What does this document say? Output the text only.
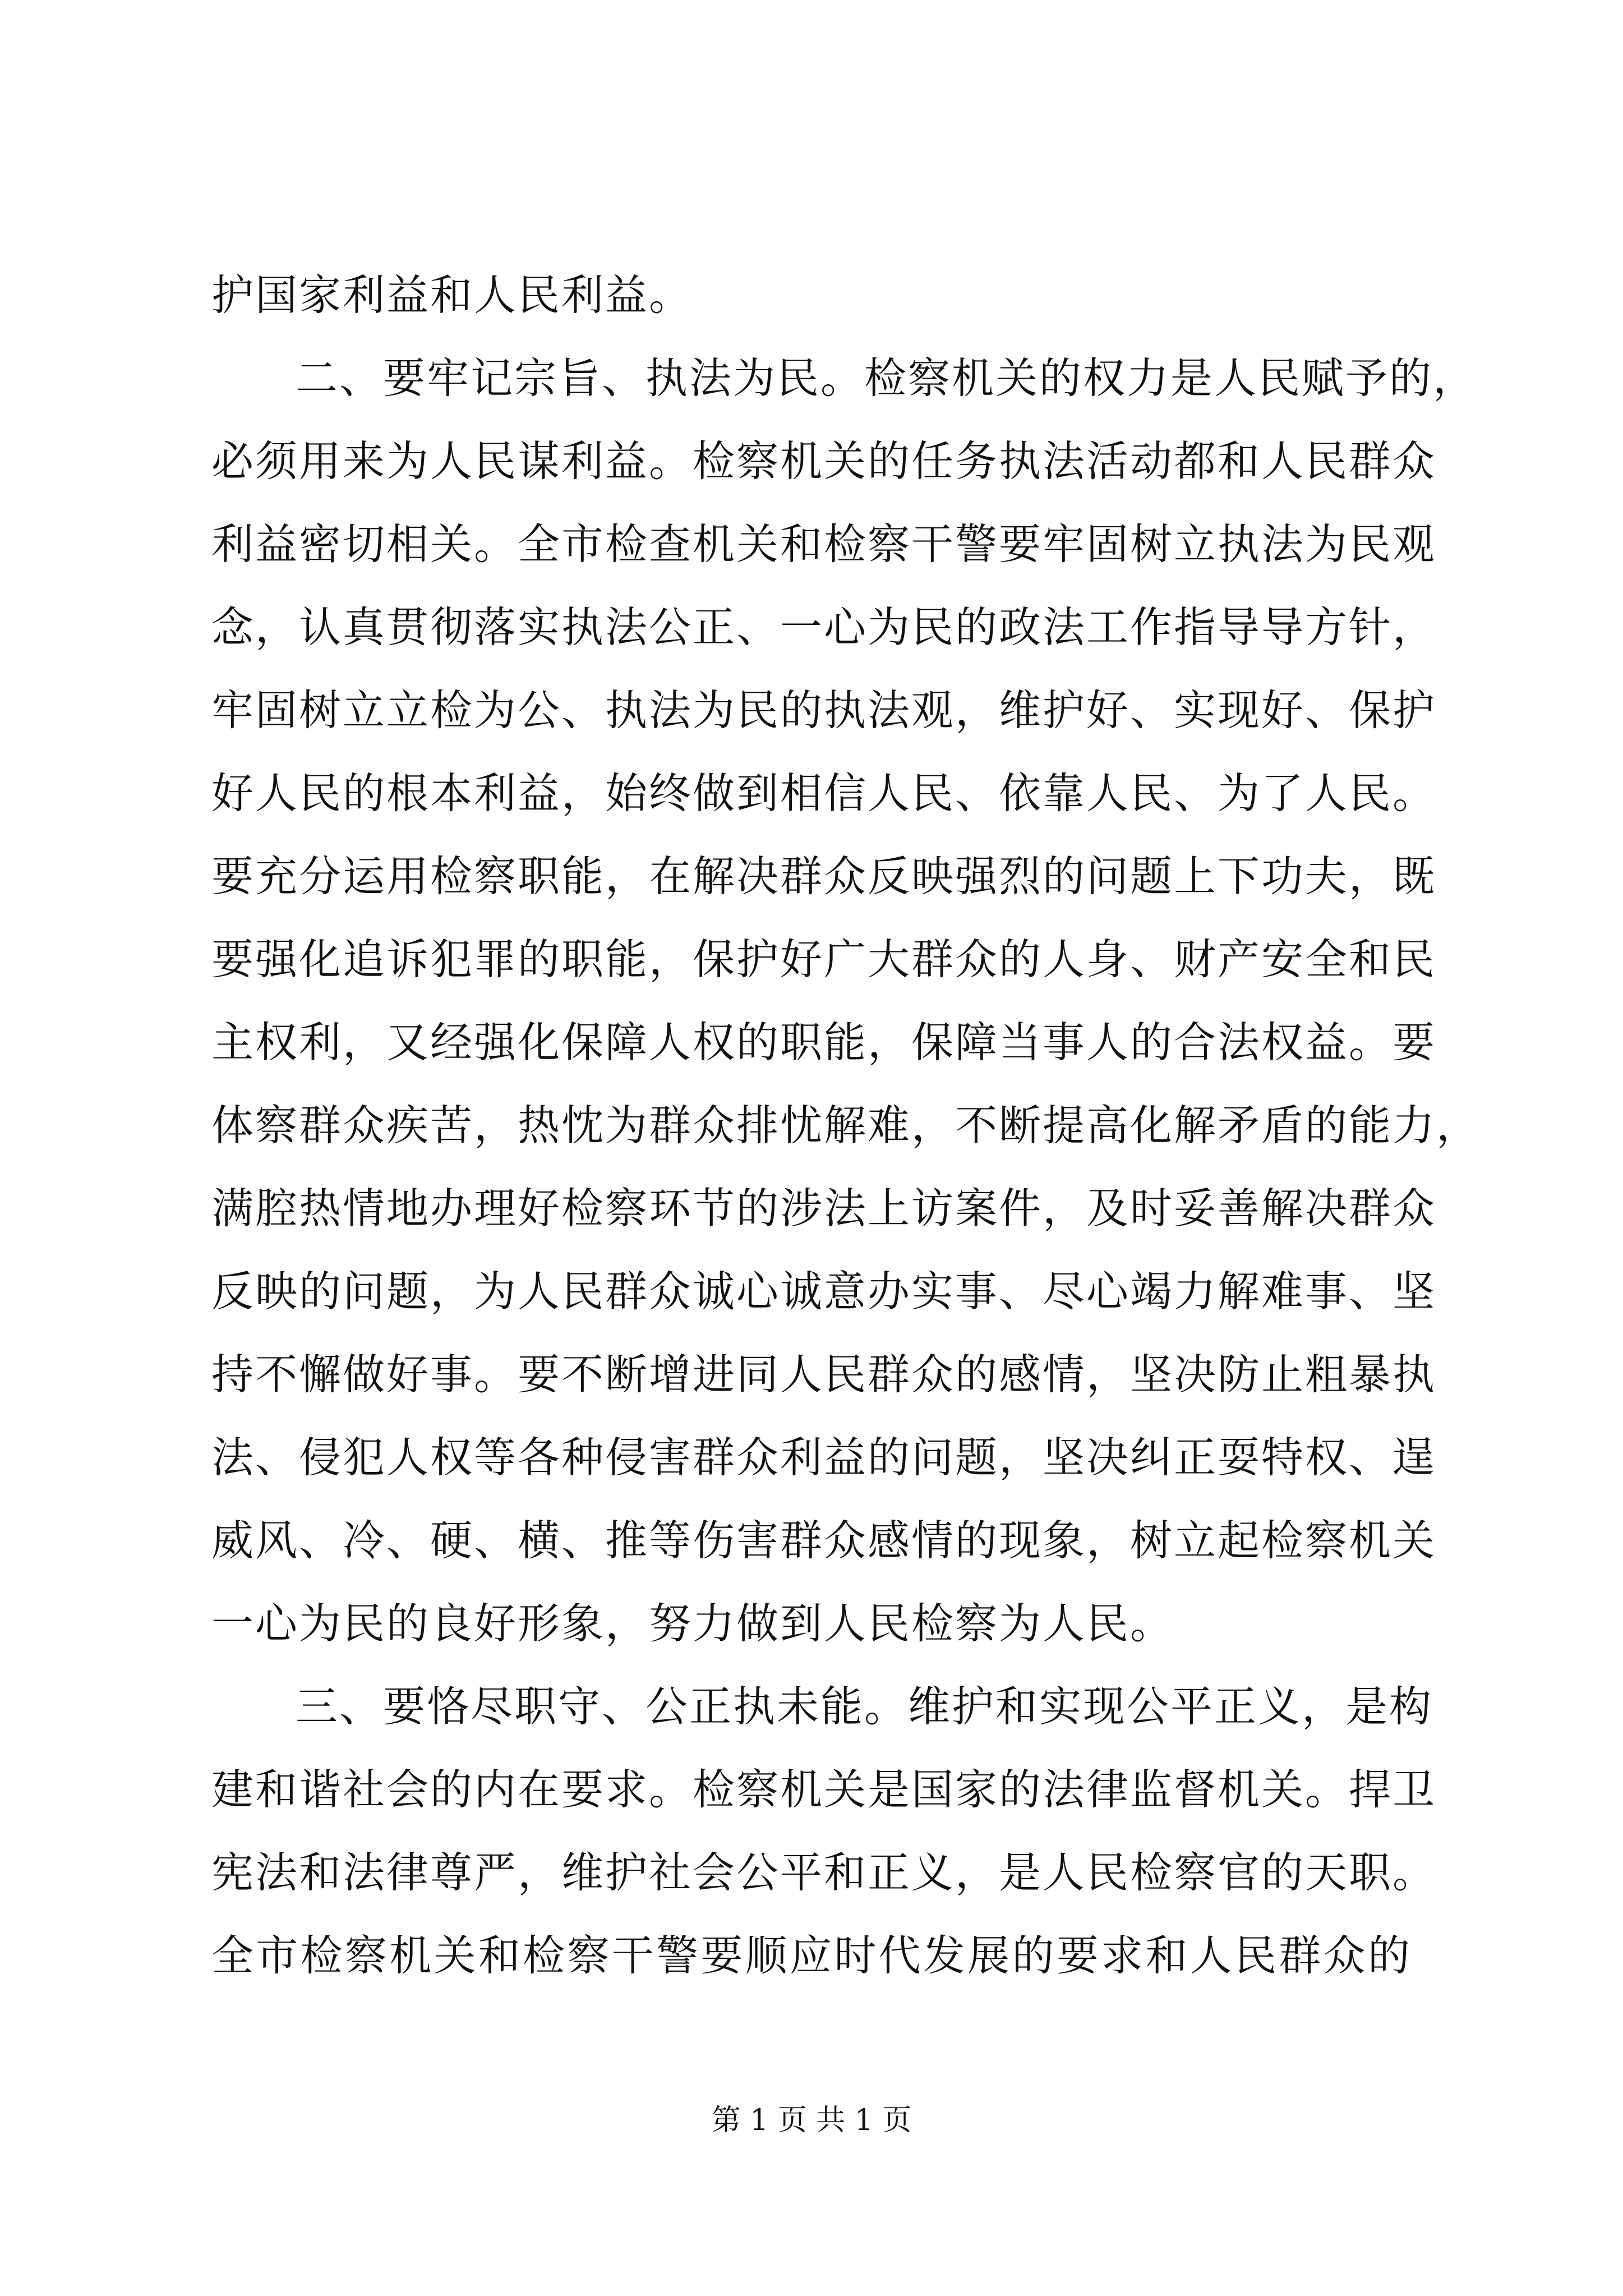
护国家利益和人民利益。
二、要牢记宗旨、执法为民。检察机关的权力是人民赋予的，
必须用来为人民谋利益。检察机关的任务执法活动都和人民群众
利益密切相关。全市检查机关和检察干警要牢固树立执法为民观
念，认真贯彻落实执法公正、一心为民的政法工作指导导方针，
牢固树立立检为公、执法为民的执法观，维护好、实现好、保护
好人民的根本利益，始终做到相信人民、依靠人民、为了人民。
要充分运用检察职能，在解决群众反映强烈的问题上下功夫，既
要强化追诉犯罪的职能，保护好广大群众的人身、财产安全和民
主权利，又经强化保障人权的职能，保障当事人的合法权益。要
体察群众疾苦，热忱为群众排忧解难，不断提高化解矛盾的能力，
满腔热情地办理好检察环节的涉法上访案件，及时妥善解决群众
反映的问题，为人民群众诚心诚意办实事、尽心竭力解难事、坚
持不懈做好事。要不断增进同人民群众的感情，坚决防止粗暴执
法、侵犯人权等各种侵害群众利益的问题，坚决纠正耍特权、逞
威风、冷、硬、横、推等伤害群众感情的现象，树立起检察机关
一心为民的良好形象，努力做到人民检察为人民。
三、要恪尽职守、公正执未能。维护和实现公平正义，是构
建和谐社会的内在要求。检察机关是国家的法律监督机关。捍卫
宪法和法律尊严，维护社会公平和正义，是人民检察官的天职。
全市检察机关和检察干警要顺应时代发展的要求和人民群众的
第 1 页 共 1 页
